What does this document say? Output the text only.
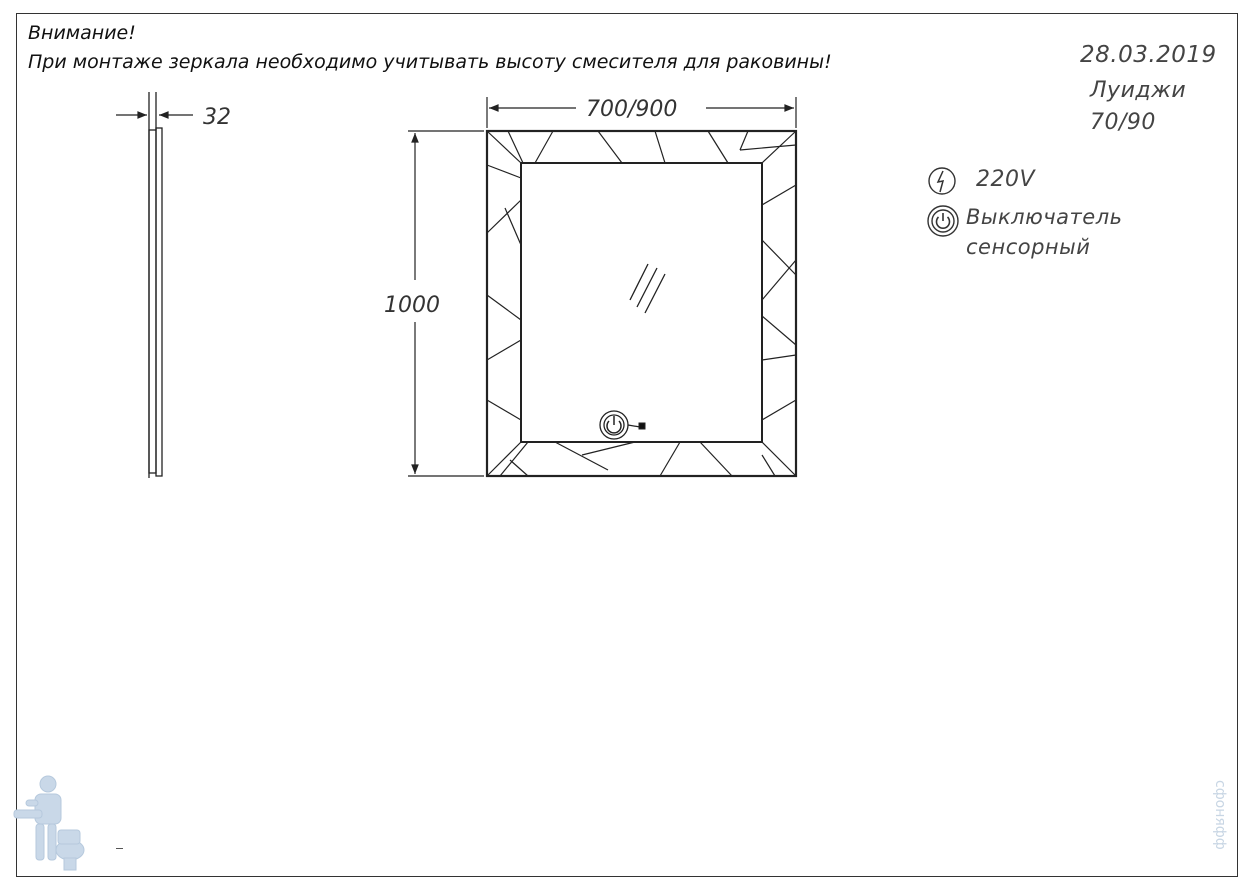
Внимание!
При монтаже зеркала необходимо учитывать высоту смесителя для раковины!
32	700/900
1000
28.03.2019
Луиджи
70/90
220V
Выключатель
сенсорный
сфоняфф
